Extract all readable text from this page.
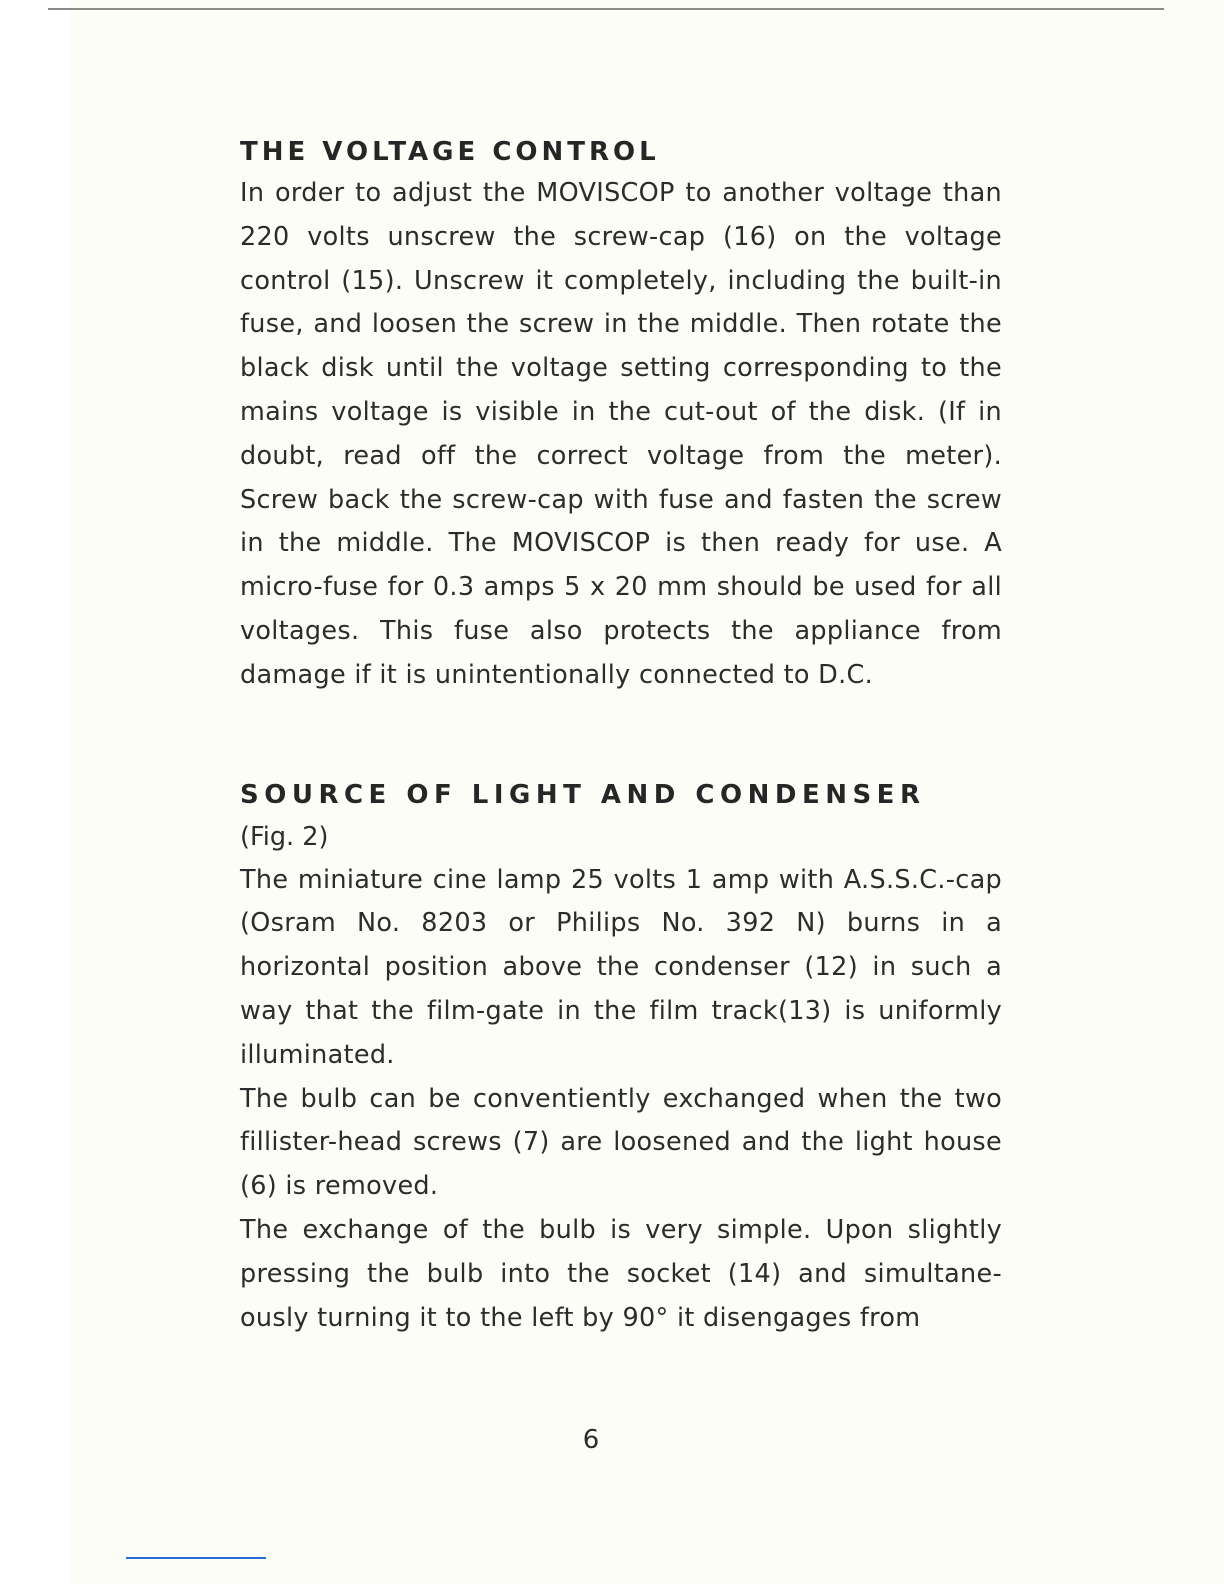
THE VOLTAGE CONTROL

In order to adjust the MOVISCOP to another voltage than 220 volts unscrew the screw-cap (16) on the voltage control (15). Unscrew it completely, including the built-in fuse, and loosen the screw in the middle. Then rotate the black disk until the voltage setting corresponding to the mains voltage is visible in the cut-out of the disk. (If in doubt, read off the correct voltage from the meter). Screw back the screw-cap with fuse and fasten the screw in the middle. The MOVISCOP is then ready for use. A micro-fuse for 0.3 amps 5 x 20 mm should be used for all voltages. This fuse also protects the appliance from damage if it is unintentionally connected to D.C.

SOURCE OF LIGHT AND CONDENSER

(Fig. 2)

The miniature cine lamp 25 volts 1 amp with A.S.S.C.-cap (Osram No. 8203 or Philips No. 392 N) burns in a horizontal position above the condenser (12) in such a way that the film-gate in the film track(13) is uniformly illuminated.

The bulb can be conventiently exchanged when the two fillister-head screws (7) are loosened and the light house (6) is removed.

The exchange of the bulb is very simple. Upon slightly pressing the bulb into the socket (14) and simultane-ously turning it to the left by 90° it disengages from

6
